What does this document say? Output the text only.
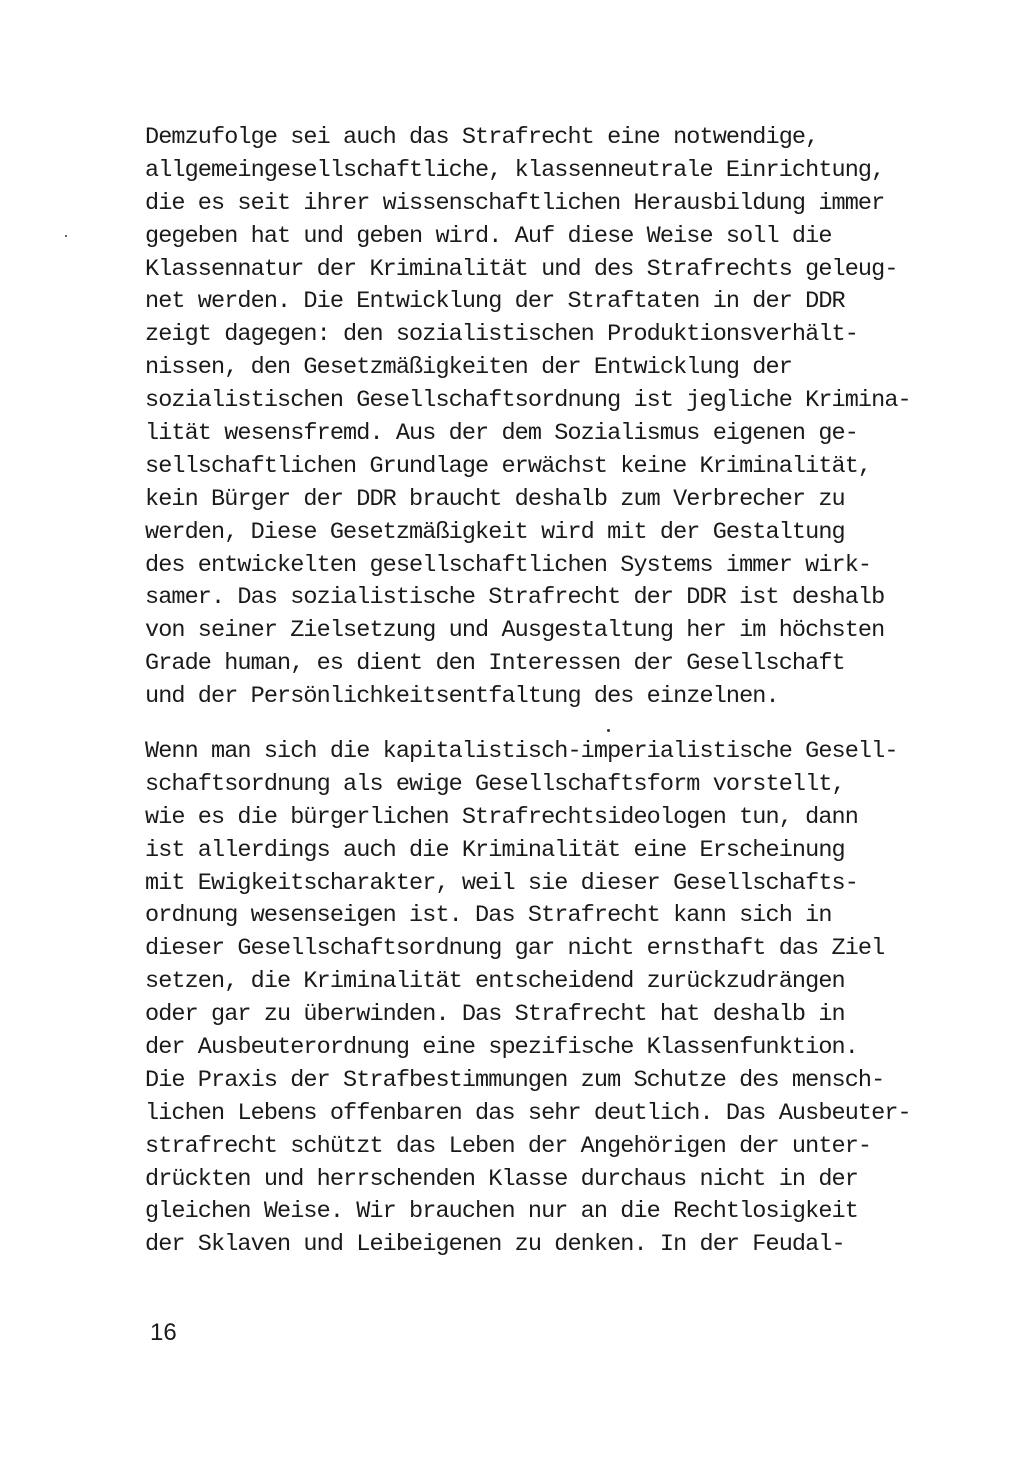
Demzufolge sei auch das Strafrecht eine notwendige,
allgemeingesellschaftliche, klassenneutrale Einrichtung,
die es seit ihrer wissenschaftlichen Herausbildung immer
gegeben hat und geben wird. Auf diese Weise soll die
Klassennatur der Kriminalität und des Strafrechts geleug-
net werden. Die Entwicklung der Straftaten in der DDR
zeigt dagegen: den sozialistischen Produktionsverhält-
nissen, den Gesetzmäßigkeiten der Entwicklung der
sozialistischen Gesellschaftsordnung ist jegliche Krimina-
lität wesensfremd. Aus der dem Sozialismus eigenen ge-
sellschaftlichen Grundlage erwächst keine Kriminalität,
kein Bürger der DDR braucht deshalb zum Verbrecher zu
werden, Diese Gesetzmäßigkeit wird mit der Gestaltung
des entwickelten gesellschaftlichen Systems immer wirk-
samer. Das sozialistische Strafrecht der DDR ist deshalb
von seiner Zielsetzung und Ausgestaltung her im höchsten
Grade human, es dient den Interessen der Gesellschaft
und der Persönlichkeitsentfaltung des einzelnen.
Wenn man sich die kapitalistisch-imperialistische Gesell-
schaftsordnung als ewige Gesellschaftsform vorstellt,
wie es die bürgerlichen Strafrechtsideologen tun, dann
ist allerdings auch die Kriminalität eine Erscheinung
mit Ewigkeitscharakter, weil sie dieser Gesellschafts-
ordnung wesenseigen ist. Das Strafrecht kann sich in
dieser Gesellschaftsordnung gar nicht ernsthaft das Ziel
setzen, die Kriminalität entscheidend zurückzudrängen
oder gar zu überwinden. Das Strafrecht hat deshalb in
der Ausbeuterordnung eine spezifische Klassenfunktion.
Die Praxis der Strafbestimmungen zum Schutze des mensch-
lichen Lebens offenbaren das sehr deutlich. Das Ausbeuter-
strafrecht schützt das Leben der Angehörigen der unter-
drückten und herrschenden Klasse durchaus nicht in der
gleichen Weise. Wir brauchen nur an die Rechtlosigkeit
der Sklaven und Leibeigenen zu denken. In der Feudal-
16
